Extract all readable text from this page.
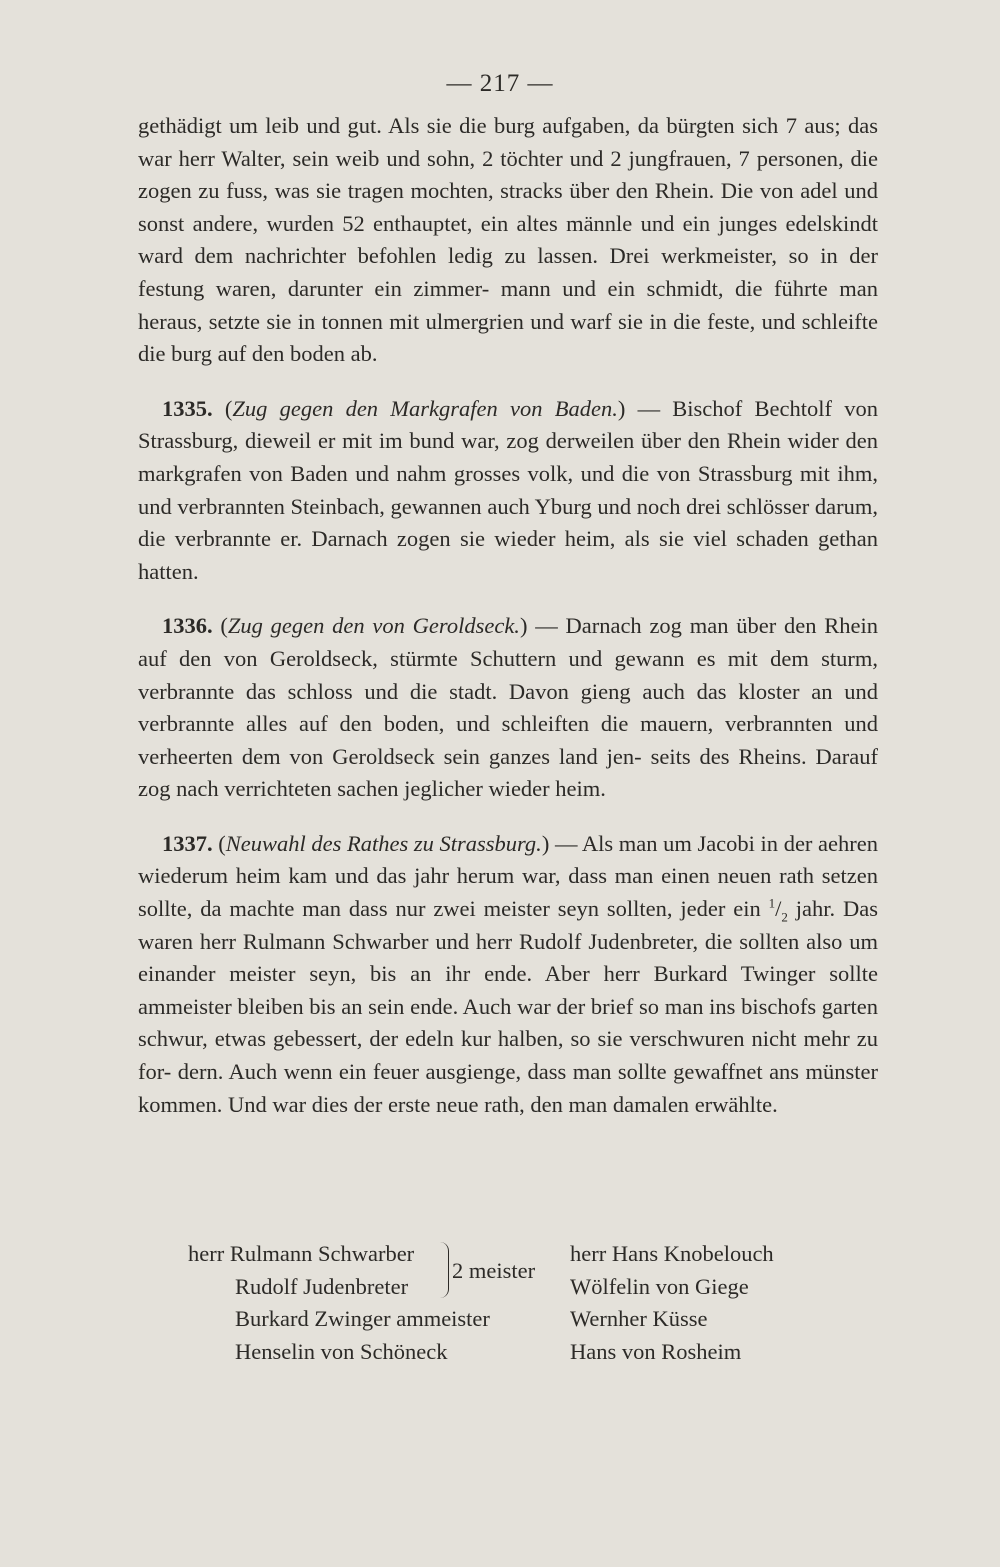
— 217 —

gethädigt um leib und gut. Als sie die burg aufgaben, da bürgten sich 7 aus; das war herr Walter, sein weib und sohn, 2 töchter und 2 jungfrauen, 7 personen, die zogen zu fuss, was sie tragen mochten, stracks über den Rhein. Die von adel und sonst andere, wurden 52 enthauptet, ein altes männle und ein junges edelskindt ward dem nachrichter befohlen ledig zu lassen. Drei werkmeister, so in der festung waren, darunter ein zimmer- mann und ein schmidt, die führte man heraus, setzte sie in tonnen mit ulmergrien und warf sie in die feste, und schleifte die burg auf den boden ab.

1335. (Zug gegen den Markgrafen von Baden.) — Bischof Bechtolf von Strassburg, dieweil er mit im bund war, zog derweilen über den Rhein wider den markgrafen von Baden und nahm grosses volk, und die von Strassburg mit ihm, und verbrannten Steinbach, gewannen auch Yburg und noch drei schlösser darum, die verbrannte er. Darnach zogen sie wieder heim, als sie viel schaden gethan hatten.

1336. (Zug gegen den von Geroldseck.) — Darnach zog man über den Rhein auf den von Geroldseck, stürmte Schuttern und gewann es mit dem sturm, verbrannte das schloss und die stadt. Davon gieng auch das kloster an und verbrannte alles auf den boden, und schleiften die mauern, verbrannten und verheerten dem von Geroldseck sein ganzes land jen- seits des Rheins. Darauf zog nach verrichteten sachen jeglicher wieder heim.

1337. (Neuwahl des Rathes zu Strassburg.) — Als man um Jacobi in der aehren wiederum heim kam und das jahr herum war, dass man einen neuen rath setzen sollte, da machte man dass nur zwei meister seyn sollten, jeder ein $^1/_2$ jahr. Das waren herr Rulmann Schwarber und herr Rudolf Judenbreter, die sollten also um einander meister seyn, bis an ihr ende. Aber herr Burkard Twinger sollte ammeister bleiben bis an sein ende. Auch war der brief so man ins bischofs garten schwur, etwas gebessert, der edeln kur halben, so sie verschwuren nicht mehr zu for- dern. Auch wenn ein feuer ausgienge, dass man sollte gewaffnet ans münster kommen. Und war dies der erste neue rath, den man damalen erwählte.

herr Rulmann Schwarber
Rudolf Judenbreter
Burkard Zwinger ammeister
Henselin von Schöneck
2 meister
herr Hans Knobelouch
Wölfelin von Giege
Wernher Küsse
Hans von Rosheim
